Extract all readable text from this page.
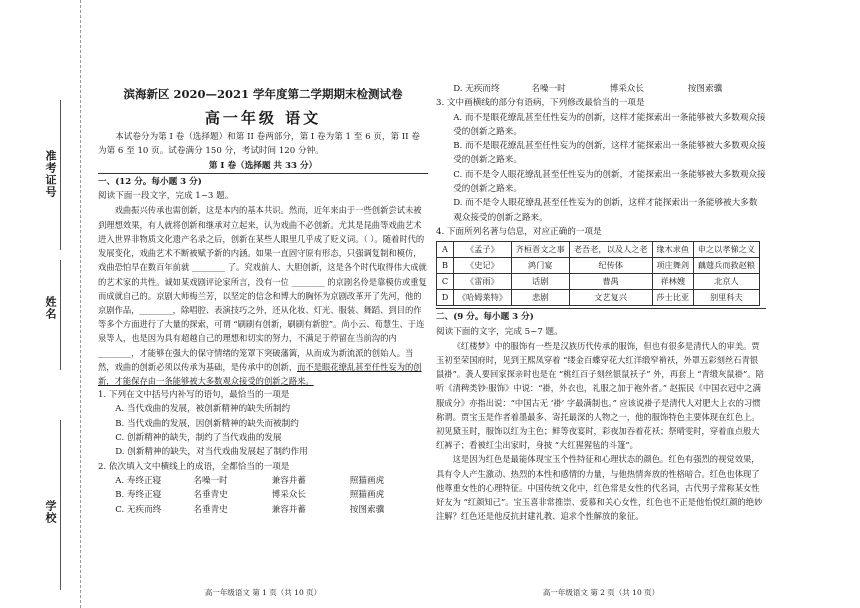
准考证号
姓名
学校
滨海新区 2020—2021 学年度第二学期期末检测试卷
高一年级 语文
本试卷分为第 I 卷（选择题）和第 II 卷两部分，第 I 卷为第 1 至 6 页，第 II 卷为第 6 至 10 页。试卷满分 150 分，考试时间 120 分钟。
第 I 卷（选择题 共 33 分）
一、(12 分。每小题 3 分)
阅读下面一段文字，完成 1~3 题。
戏曲振兴传承也需创新，这是本内的基本共识。然而，近年来由于一些创新尝试未被到理想效果，有人就将创新和继承对立起来，认为戏曲不必创新。尤其是昆曲等戏曲艺术进入世界非物质文化遗产名录之后，创新在某些人眼里几乎成了贬义词。（ ）。随着时代的发展变化，戏曲艺术不断被赋予新的内涵。如果一直固守原有形态，只强调复制和模仿，戏曲恐怕早在数百年前就 ________ 了。究戏前人、大胆创新，这是各个时代取得伟大成就的艺术家的共性。诚如某戏剧评论家所言，没有一位 ________ 的京剧名伶是靠模仿或重复而成就自己的。京剧大师梅兰芳，以坚定的信念和博大的胸怀为京剧改革开了先河，他的京剧作品，________，除唱腔、表演技巧之外，还从化妆、灯光、服装、舞蹈、到目的作等多个方面进行了大量的探索，可谓 “刷刷有创新，刷刷有新腔”。尚小云、荀慧生、于连泉等人，也是因为具有超越自己的理想和切实的努力，不满足于停留在当前沟的内 ________，才能够在强大的保守情绪的笼罩下突破藩篱，从而成为新流派的创始人。当然，戏曲的创新必须以传承为基础，是传承中的创新，而不是眼花缭乱甚至任性妄为的创新，才能保存由一条能够被大多数观众接受的创新之路来。
1. 下列在文中括号内补写的语句，最恰当的一项是
A. 当代戏曲的发展，被创新精神的缺失所制约
B. 当代戏曲的发展，因创新精神的缺失而被制约
C. 创新精神的缺失，制约了当代戏曲的发展
D. 创新精神的缺失，对当代戏曲发展起了制约作用
2. 依次填入文中横线上的成语，全都恰当的一项是
A. 寿终正寝	名噪一时	兼容并蓄	照猫画虎
B. 寿终正寝	名垂青史	博采众长	照猫画虎
C. 无疾而终	名垂青史	兼容并蓄	按图索骥
高一年级语文 第 1 页（共 10 页）
D. 无疾而终	名噪一时	博采众长	按图索骥
3. 文中画横线的部分有语病，下列修改最恰当的一项是
A. 而不是眼花缭乱甚至任性妄为的创新，这样才能探索出一条能够被大多数观众接受的创新之路来。
B. 而不是眼花缭乱甚至任性妄为的创新，这样才能探索出一条能够被大多数观众接受的创新之路来。
C. 而不是令人眼花缭乱甚至任性妄为的创新，才能探索出一条能够被大多数观众接受的创新之路来。
D. 而不是令人眼花缭乱甚至任性妄为的创新，这样才能探索出一条能够被大多数观众接受的创新之路来。
4. 下面所列名著与信息，对应正确的一项是
A	《孟子》	齐桓晋文之事	老吾老，以及人之老	缘木求鱼	申之以孝悌之义
B	《史记》	鸿门宴	纪传体	项庄舞剑	藕蔻兵而救赵粮
C	《雷雨》	话剧	曹禺	祥林嫂	北京人
D	《哈姆莱特》	悲剧	文艺复兴	莎士比亚	别里科夫
二、(9 分。每小题 3 分)
阅读下面的文字，完成 5~7 题。
《红楼梦》中的服饰有一些是汉族历代传承的服饰，但也有很多是清代人的审美。贾玉初至荣国府时，见到王熙凤穿着 “缕金百蝶穿花大红洋缎窄褃袄，外罩五彩刻丝石青银鼠褂”。袭人要回家探亲时也是在 “桃红百子刻丝银鼠袄子” 外，再套上 “青缎灰鼠褂”。陪听《清稗类钞·服饰》中说：“褂，外衣也，礼服之加于袍外者。” 赵振民《中国衣冠中之满服成分》亦指出说：“中国古无 ‘褂’ 字最满制也。” 应该说褂子是清代人对肥大上衣的习惯称谓。贾宝玉是作者着墨最多、寄托最深的人物之一，他的服饰特色主要体现在红色上。初见黛玉时，服饰以红为主色；鲜等夜宴时，彩夜加吞着花袄；祭晴雯时，穿着血点般大红裤子；看被红尘出家时，身披 “大红猩猩毡的斗篷”。
这是因为红色是最能体现宝玉个性特征和心理状态的颜色。红色有强烈的视觉效果，具有令人产生激动、热烈的本性和感情的力量，与他热情奔放的性格暗合。红色也体现了他尊重女性的心理特征。中国传统文化中，红色常是女性的代名词，古代男子常称某女性好友为 “红颜知己”。宝玉喜非常推崇、爱慕和关心女性，红色也不正是他怡悦红颜的绝妙注解？红色还是他反抗封建礼教、追求个性解放的象征。
高一年级语文 第 2 页（共 10 页）
